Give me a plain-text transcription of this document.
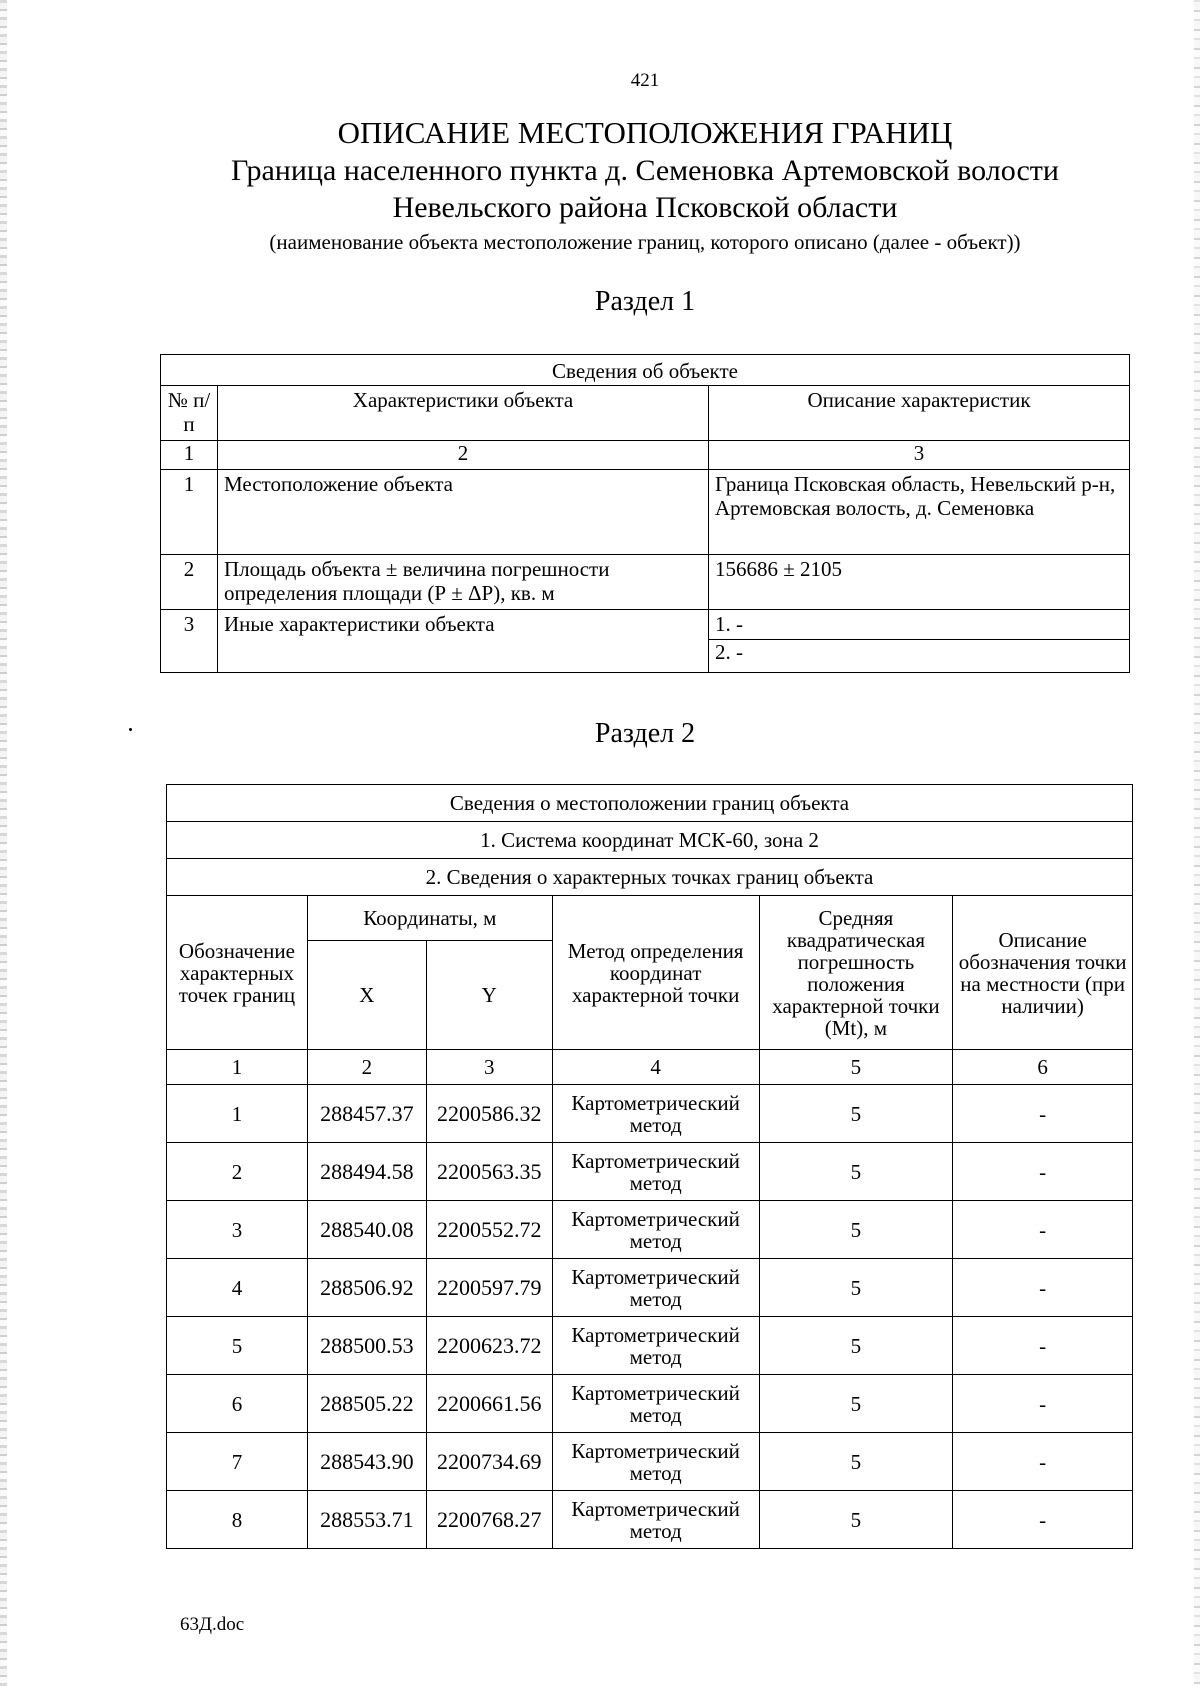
421
ОПИСАНИЕ МЕСТОПОЛОЖЕНИЯ ГРАНИЦ
Граница населенного пункта д. Семеновка Артемовской волости
Невельского района Псковской области
(наименование объекта местоположение границ, которого описано (далее - объект))
Раздел 1
Сведения об объекте		
№ п/п	Характеристики объекта	Описание характеристик
1	2	3
1	Местоположение объекта	Граница Псковская область, Невельский р-н, Артемовская волость, д. Семеновка
2	Площадь объекта ± величина погрешности определения площади (Р ± ΔР), кв. м	156686 ± 2105
3	Иные характеристики объекта	1. -
2. -
Раздел 2
Сведения о местоположении границ объекта					
1. Система координат МСК-60, зона 2					
2. Сведения о характерных точках границ объекта					
Обозначение характерных точек границ	Координаты, м		Метод определения координат характерной точки	Средняя квадратическая погрешность положения характерной точки (Mt), м	Описание обозначения точки на местности (при наличии)
	X	Y			
1	2	3	4	5	6
1	288457.37	2200586.32	Картометрический метод	5	-
2	288494.58	2200563.35	Картометрический метод	5	-
3	288540.08	2200552.72	Картометрический метод	5	-
4	288506.92	2200597.79	Картометрический метод	5	-
5	288500.53	2200623.72	Картометрический метод	5	-
6	288505.22	2200661.56	Картометрический метод	5	-
7	288543.90	2200734.69	Картометрический метод	5	-
8	288553.71	2200768.27	Картометрический метод	5	-
63Д.doc
